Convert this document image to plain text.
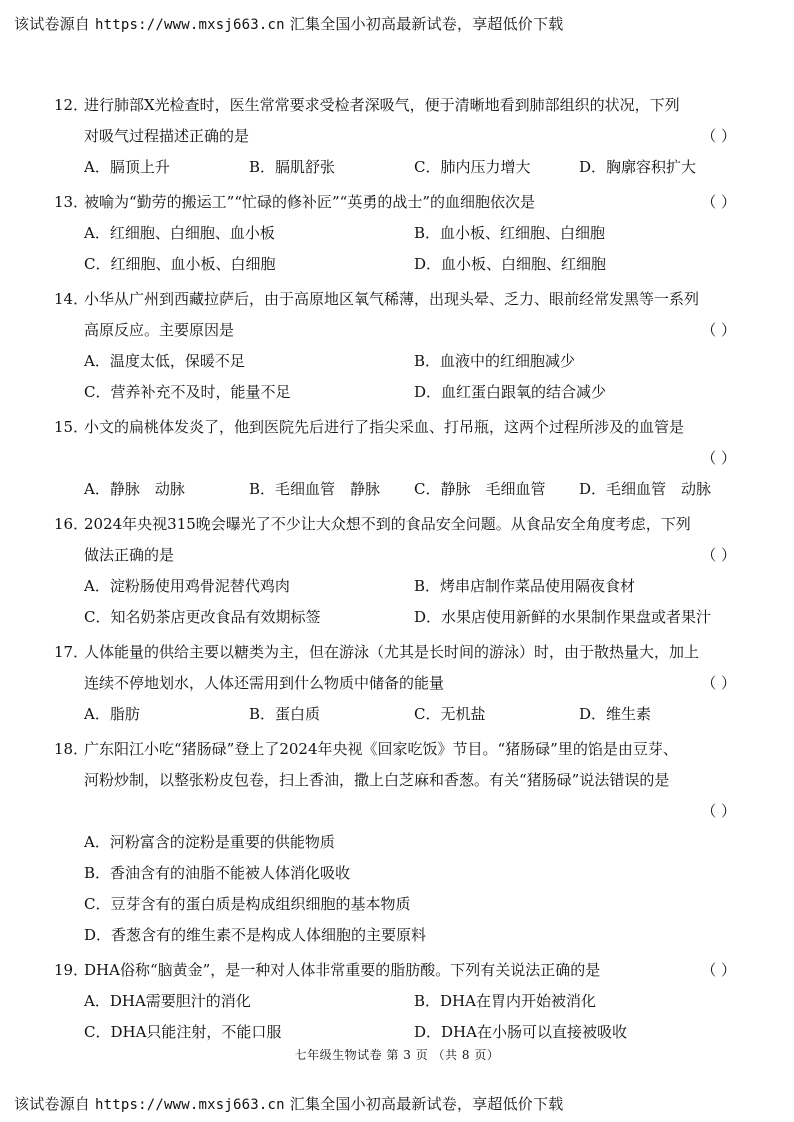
该试卷源自 https://www.mxsj663.cn 汇集全国小初高最新试卷，享超低价下载
12．
进行肺部X光检查时，医生常常要求受检者深吸气，便于清晰地看到肺部组织的状况，下列
对吸气过程描述正确的是	（ ）
A．膈顶上升	B．膈肌舒张	C．肺内压力增大	D．胸廓容积扩大
13．
被喻为“勤劳的搬运工”“忙碌的修补匠”“英勇的战士”的血细胞依次是	（ ）
A．红细胞、白细胞、血小板	B．血小板、红细胞、白细胞
C．红细胞、血小板、白细胞	D．血小板、白细胞、红细胞
14．
小华从广州到西藏拉萨后，由于高原地区氧气稀薄，出现头晕、乏力、眼前经常发黑等一系列
高原反应。主要原因是	（ ）
A．温度太低，保暖不足	B．血液中的红细胞减少
C．营养补充不及时，能量不足	D．血红蛋白跟氧的结合减少
15．
小文的扁桃体发炎了，他到医院先后进行了指尖采血、打吊瓶，这两个过程所涉及的血管是
（ ）
A．静脉　动脉	B．毛细血管　静脉	C．静脉　毛细血管	D．毛细血管　动脉
16．
2024年央视315晚会曝光了不少让大众想不到的食品安全问题。从食品安全角度考虑，下列
做法正确的是	（ ）
A．淀粉肠使用鸡骨泥替代鸡肉	B．烤串店制作菜品使用隔夜食材
C．知名奶茶店更改食品有效期标签	D．水果店使用新鲜的水果制作果盘或者果汁
17．
人体能量的供给主要以糖类为主，但在游泳（尤其是长时间的游泳）时，由于散热量大，加上
连续不停地划水，人体还需用到什么物质中储备的能量	（ ）
A．脂肪	B．蛋白质	C．无机盐	D．维生素
18．
广东阳江小吃“猪肠碌”登上了2024年央视《回家吃饭》节目。“猪肠碌”里的馅是由豆芽、
河粉炒制，以整张粉皮包卷，扫上香油，撒上白芝麻和香葱。有关“猪肠碌”说法错误的是
（ ）
A．河粉富含的淀粉是重要的供能物质
B．香油含有的油脂不能被人体消化吸收
C．豆芽含有的蛋白质是构成组织细胞的基本物质
D．香葱含有的维生素不是构成人体细胞的主要原料
19．
DHA俗称“脑黄金”，是一种对人体非常重要的脂肪酸。下列有关说法正确的是	（ ）
A．DHA需要胆汁的消化	B．DHA在胃内开始被消化
C．DHA只能注射，不能口服	D．DHA在小肠可以直接被吸收
七年级生物试卷 第 3 页 （共 8 页）
该试卷源自 https://www.mxsj663.cn 汇集全国小初高最新试卷，享超低价下载
